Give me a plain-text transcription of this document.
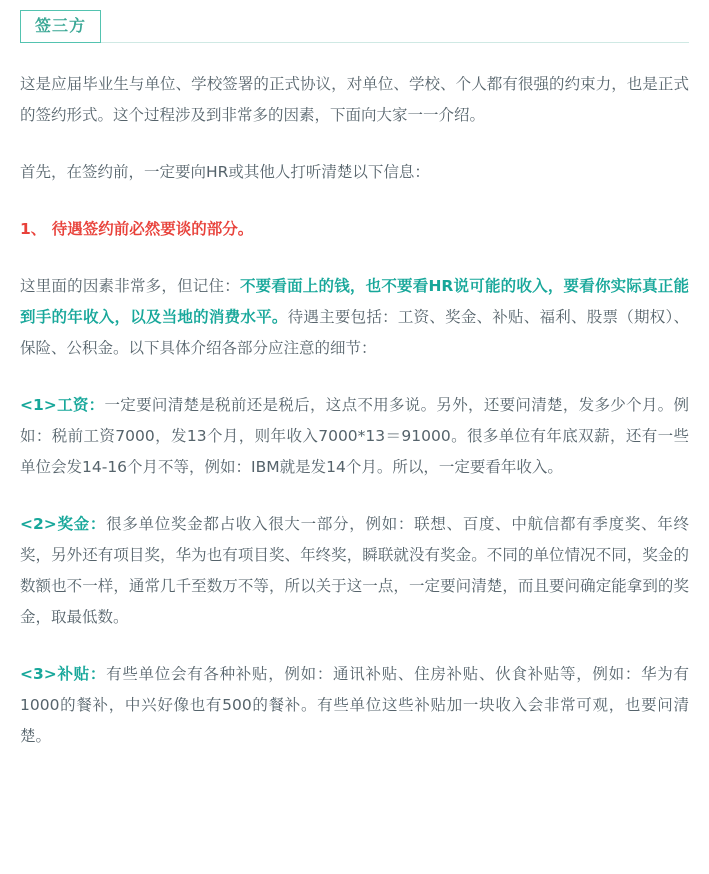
签三方

这是应届毕业生与单位、学校签署的正式协议，对单位、学校、个人都有很强的约束力，也是正式的签约形式。这个过程涉及到非常多的因素，下面向大家一一介绍。

首先，在签约前，一定要向HR或其他人打听清楚以下信息：

1、 待遇签约前必然要谈的部分。

这里面的因素非常多，但记住：不要看面上的钱，也不要看HR说可能的收入，要看你实际真正能到手的年收入，以及当地的消费水平。待遇主要包括：工资、奖金、补贴、福利、股票（期权）、保险、公积金。以下具体介绍各部分应注意的细节：

<1>工资：一定要问清楚是税前还是税后，这点不用多说。另外，还要问清楚，发多少个月。例如：税前工资7000，发13个月，则年收入7000*13＝91000。很多单位有年底双薪，还有一些单位会发14-16个月不等，例如：IBM就是发14个月。所以，一定要看年收入。

<2>奖金：很多单位奖金都占收入很大一部分，例如：联想、百度、中航信都有季度奖、年终奖，另外还有项目奖，华为也有项目奖、年终奖，瞬联就没有奖金。不同的单位情况不同，奖金的数额也不一样，通常几千至数万不等，所以关于这一点，一定要问清楚，而且要问确定能拿到的奖金，取最低数。

<3>补贴：有些单位会有各种补贴，例如：通讯补贴、住房补贴、伙食补贴等，例如：华为有1000的餐补，中兴好像也有500的餐补。有些单位这些补贴加一块收入会非常可观，也要问清楚。
